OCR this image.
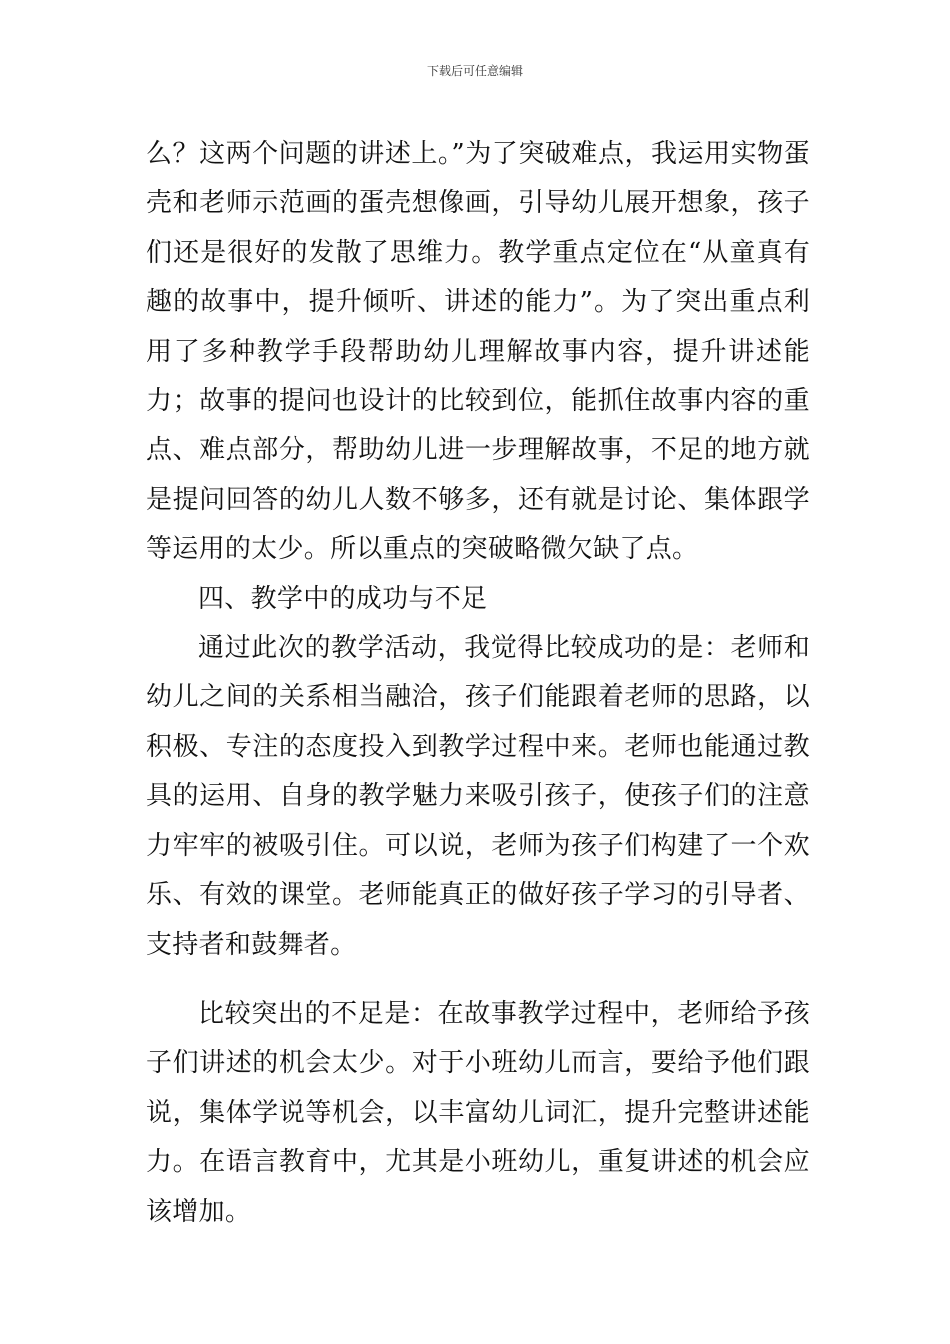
下载后可任意编辑

么？这两个问题的讲述上。”为了突破难点，我运用实物蛋壳和老师示范画的蛋壳想像画，引导幼儿展开想象，孩子们还是很好的发散了思维力。教学重点定位在“从童真有趣的故事中，提升倾听、讲述的能力”。为了突出重点利用了多种教学手段帮助幼儿理解故事内容，提升讲述能力；故事的提问也设计的比较到位，能抓住故事内容的重点、难点部分，帮助幼儿进一步理解故事，不足的地方就是提问回答的幼儿人数不够多，还有就是讨论、集体跟学等运用的太少。所以重点的突破略微欠缺了点。

四、教学中的成功与不足

通过此次的教学活动，我觉得比较成功的是：老师和幼儿之间的关系相当融洽，孩子们能跟着老师的思路，以积极、专注的态度投入到教学过程中来。老师也能通过教具的运用、自身的教学魅力来吸引孩子，使孩子们的注意力牢牢的被吸引住。可以说，老师为孩子们构建了一个欢乐、有效的课堂。老师能真正的做好孩子学习的引导者、支持者和鼓舞者。

比较突出的不足是：在故事教学过程中，老师给予孩子们讲述的机会太少。对于小班幼儿而言，要给予他们跟说，集体学说等机会，以丰富幼儿词汇，提升完整讲述能力。在语言教育中，尤其是小班幼儿，重复讲述的机会应该增加。
